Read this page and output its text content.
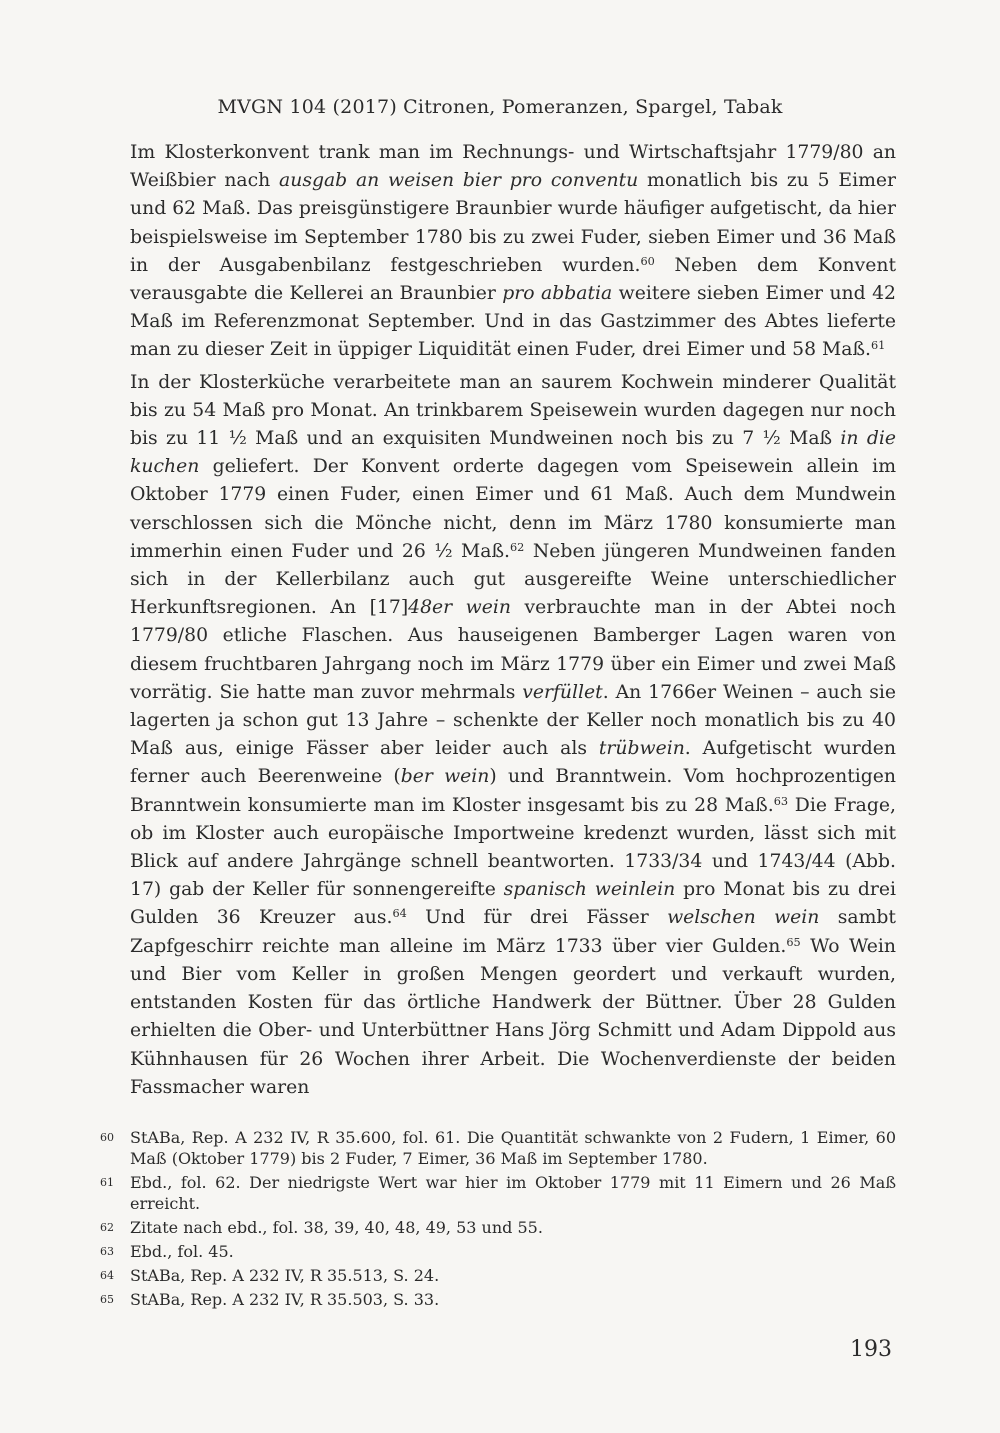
MVGN 104 (2017) Citronen, Pomeranzen, Spargel, Tabak

Im Klosterkonvent trank man im Rechnungs- und Wirtschaftsjahr 1779/80 an Weißbier nach ausgab an weisen bier pro conventu monatlich bis zu 5 Eimer und 62 Maß. Das preisgünstigere Braunbier wurde häufiger aufgetischt, da hier beispielsweise im September 1780 bis zu zwei Fuder, sieben Eimer und 36 Maß in der Ausgabenbilanz festgeschrieben wurden.$^{60}$ Neben dem Konvent verausgabte die Kellerei an Braunbier pro abbatia weitere sieben Eimer und 42 Maß im Referenzmonat September. Und in das Gastzimmer des Abtes lieferte man zu dieser Zeit in üppiger Liquidität einen Fuder, drei Eimer und 58 Maß.$^{61}$

In der Klosterküche verarbeitete man an saurem Kochwein minderer Qualität bis zu 54 Maß pro Monat. An trinkbarem Speisewein wurden dagegen nur noch bis zu 11 ½ Maß und an exquisiten Mundweinen noch bis zu 7 ½ Maß in die kuchen geliefert. Der Konvent orderte dagegen vom Speisewein allein im Oktober 1779 einen Fuder, einen Eimer und 61 Maß. Auch dem Mundwein verschlossen sich die Mönche nicht, denn im März 1780 konsumierte man immerhin einen Fuder und 26 ½ Maß.$^{62}$ Neben jüngeren Mundweinen fanden sich in der Kellerbilanz auch gut ausgereifte Weine unterschiedlicher Herkunftsregionen. An [17]48er wein verbrauchte man in der Abtei noch 1779/80 etliche Flaschen. Aus hauseigenen Bamberger Lagen waren von diesem fruchtbaren Jahrgang noch im März 1779 über ein Eimer und zwei Maß vorrätig. Sie hatte man zuvor mehrmals verfüllet. An 1766er Weinen – auch sie lagerten ja schon gut 13 Jahre – schenkte der Keller noch monatlich bis zu 40 Maß aus, einige Fässer aber leider auch als trübwein. Aufgetischt wurden ferner auch Beerenweine (ber wein) und Branntwein. Vom hochprozentigen Branntwein konsumierte man im Kloster insgesamt bis zu 28 Maß.$^{63}$ Die Frage, ob im Kloster auch europäische Importweine kredenzt wurden, lässt sich mit Blick auf andere Jahrgänge schnell beantworten. 1733/34 und 1743/44 (Abb. 17) gab der Keller für sonnengereifte spanisch weinlein pro Monat bis zu drei Gulden 36 Kreuzer aus.$^{64}$ Und für drei Fässer welschen wein sambt Zapfgeschirr reichte man alleine im März 1733 über vier Gulden.$^{65}$ Wo Wein und Bier vom Keller in großen Mengen geordert und verkauft wurden, entstanden Kosten für das örtliche Handwerk der Büttner. Über 28 Gulden erhielten die Ober- und Unterbüttner Hans Jörg Schmitt und Adam Dippold aus Kühnhausen für 26 Wochen ihrer Arbeit. Die Wochenverdienste der beiden Fassmacher waren

60	StABa, Rep. A 232 IV, R 35.600, fol. 61. Die Quantität schwankte von 2 Fudern, 1 Eimer, 60 Maß (Oktober 1779) bis 2 Fuder, 7 Eimer, 36 Maß im September 1780.
61	Ebd., fol. 62. Der niedrigste Wert war hier im Oktober 1779 mit 11 Eimern und 26 Maß erreicht.
62	Zitate nach ebd., fol. 38, 39, 40, 48, 49, 53 und 55.
63	Ebd., fol. 45.
64	StABa, Rep. A 232 IV, R 35.513, S. 24.
65	StABa, Rep. A 232 IV, R 35.503, S. 33.
193
